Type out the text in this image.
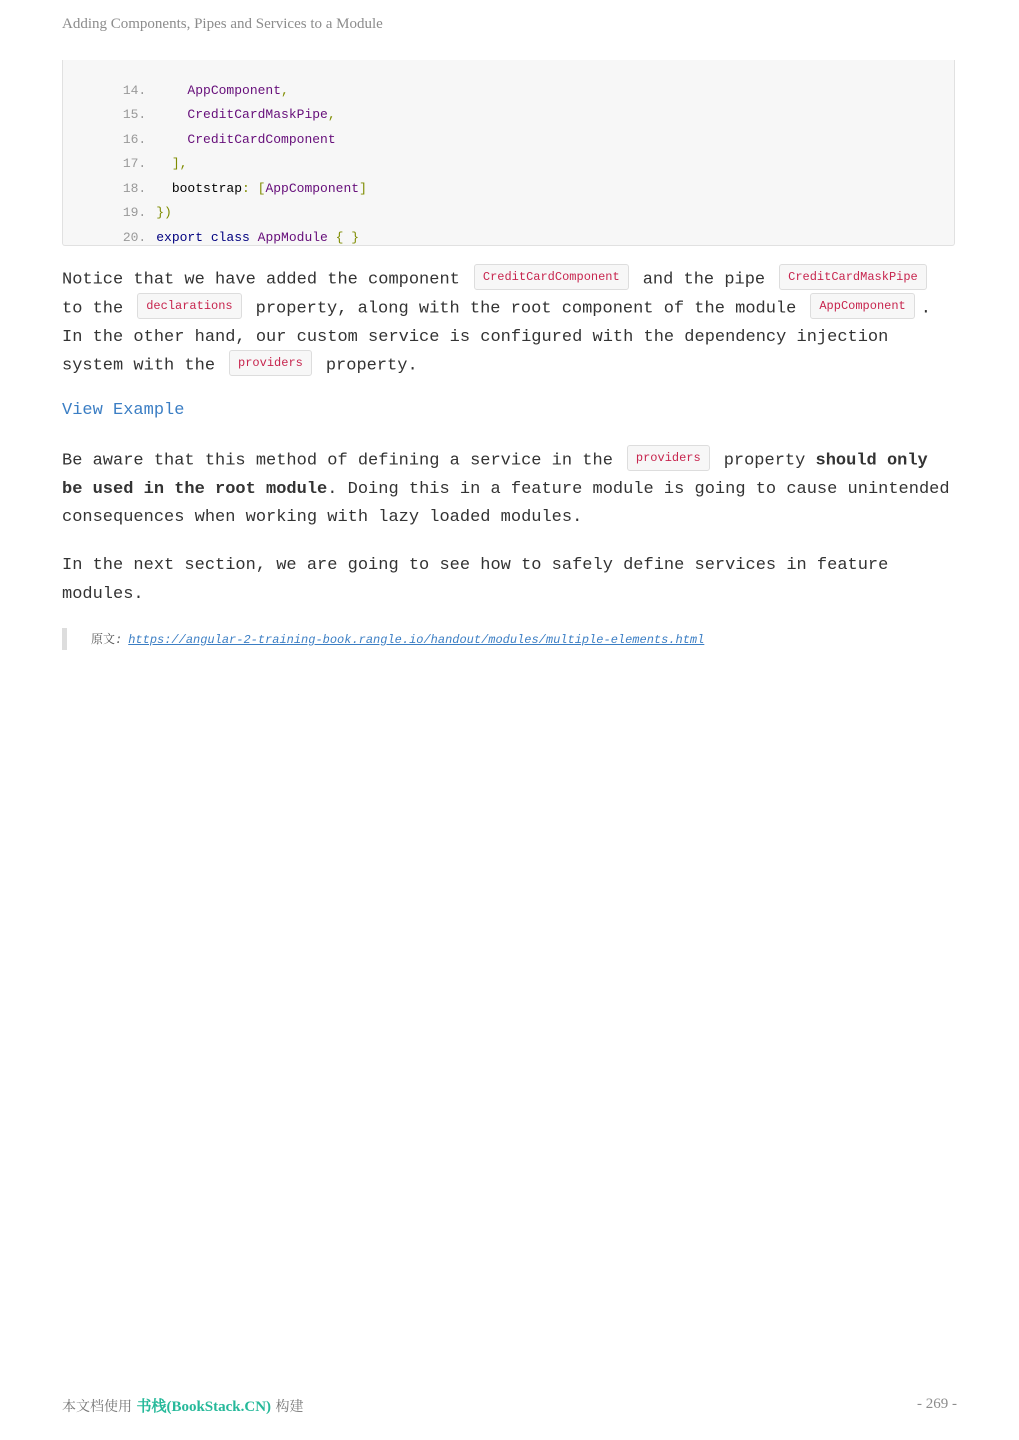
Adding Components, Pipes and Services to a Module

14.    AppComponent,

15.    CreditCardMaskPipe,

16.    CreditCardComponent

17.  ],

18.  bootstrap: [AppComponent]

19. })

20. export class AppModule { }

Notice that we have added the component CreditCardComponent and the pipe CreditCardMaskPipeto the declarations property, along with the root component of the module AppComponent . In the other hand, our custom service is configured with the dependency injection system with the providers property.
View Example
Be aware that this method of defining a service in the providers property should only be used in the root module. Doing this in a feature module is going to cause unintended consequences when working with lazy loaded modules.
In the next section, we are going to see how to safely define services in feature modules.
原文: https://angular-2-training-book.rangle.io/handout/modules/multiple-elements.html
本文档使用 书栈(BookStack.CN) 构建	- 269 -
